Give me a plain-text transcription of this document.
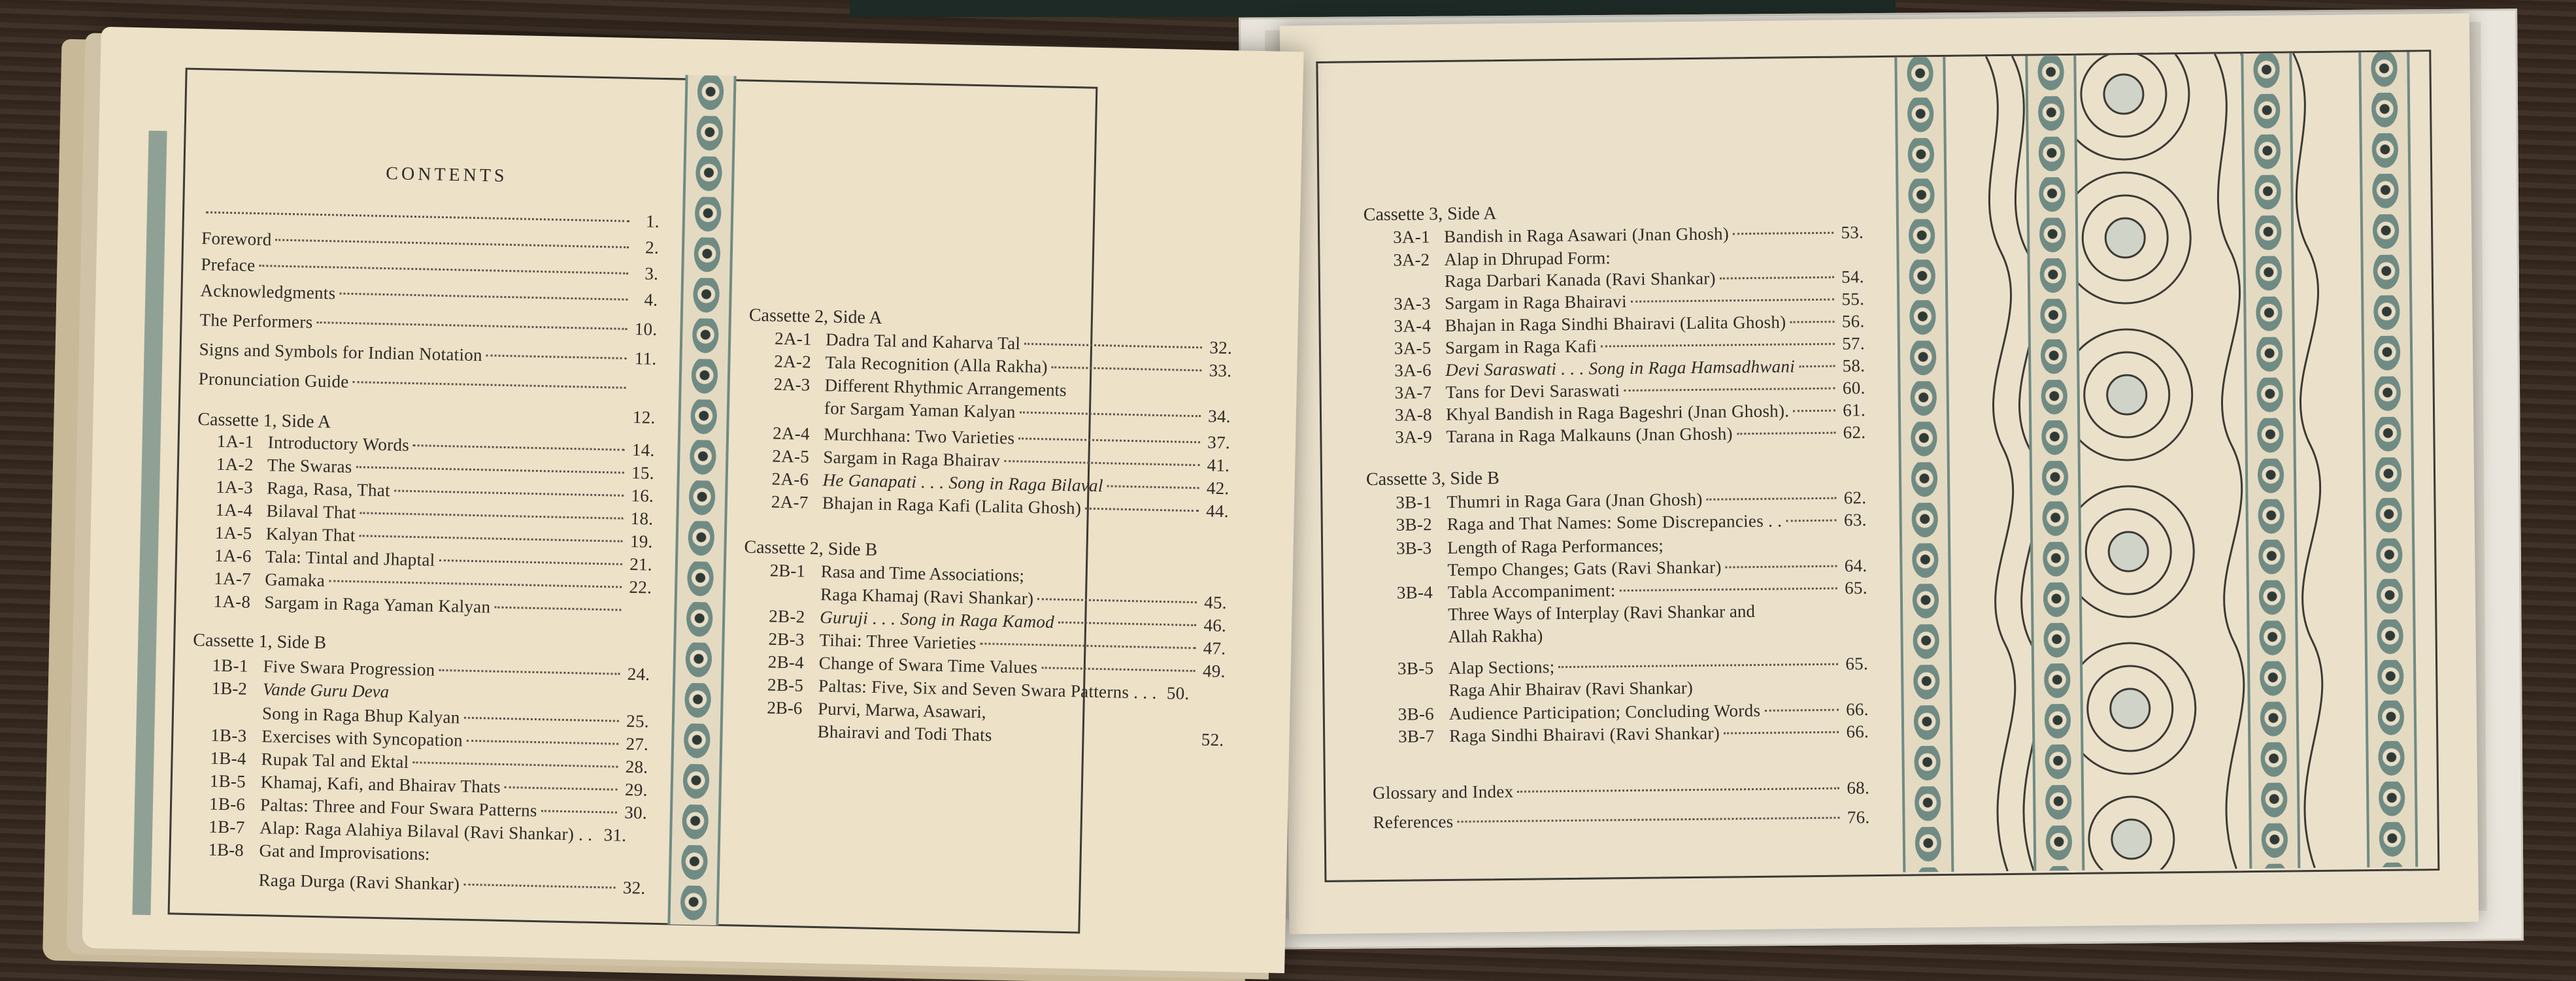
Cassette 3, Side A
3A-1 Bandish in Raga Asawari (Jnan Ghosh)	53.
3A-2 Alap in Dhrupad Form:
Raga Darbari Kanada (Ravi Shankar)	54.
3A-3 Sargam in Raga Bhairavi	55.
3A-4 Bhajan in Raga Sindhi Bhairavi (Lalita Ghosh)	56.
3A-5 Sargam in Raga Kafi	57.
3A-6 Devi Saraswati . . . Song in Raga Hamsadhwani	58.
3A-7 Tans for Devi Saraswati	60.
3A-8 Khyal Bandish in Raga Bageshri (Jnan Ghosh).	61.
3A-9 Tarana in Raga Malkauns (Jnan Ghosh)	62.
Cassette 3, Side B
3B-1 Thumri in Raga Gara (Jnan Ghosh)	62.
3B-2 Raga and That Names: Some Discrepancies . .	63.
3B-3 Length of Raga Performances;
Tempo Changes; Gats (Ravi Shankar)	64.
3B-4 Tabla Accompaniment:	65.
Three Ways of Interplay (Ravi Shankar and
Allah Rakha)
3B-5 Alap Sections;	65.
Raga Ahir Bhairav (Ravi Shankar)
3B-6 Audience Participation; Concluding Words	66.
3B-7 Raga Sindhi Bhairavi (Ravi Shankar)	66.
Glossary and Index	68.
References	76.
CONTENTS
1.
Foreword	2.
Preface	3.
Acknowledgments	4.
The Performers	10.
Signs and Symbols for Indian Notation	11.
Pronunciation Guide
Cassette 1, Side A	12.
1A-1 Introductory Words	14.
1A-2 The Swaras	15.
1A-3 Raga, Rasa, That	16.
1A-4 Bilaval That	18.
1A-5 Kalyan That	19.
1A-6 Tala: Tintal and Jhaptal	21.
1A-7 Gamaka	22.
1A-8 Sargam in Raga Yaman Kalyan
Cassette 1, Side B
1B-1 Five Swara Progression	24.
1B-2 Vande Guru Deva
Song in Raga Bhup Kalyan	25.
1B-3 Exercises with Syncopation	27.
1B-4 Rupak Tal and Ektal	28.
1B-5 Khamaj, Kafi, and Bhairav Thats	29.
1B-6 Paltas: Three and Four Swara Patterns	30.
1B-7 Alap: Raga Alahiya Bilaval (Ravi Shankar) . . 31.
1B-8 Gat and Improvisations:
Raga Durga (Ravi Shankar)	32.
Cassette 2, Side A
2A-1 Dadra Tal and Kaharva Tal	32.
2A-2 Tala Recognition (Alla Rakha)	33.
2A-3 Different Rhythmic Arrangements
for Sargam Yaman Kalyan	34.
2A-4 Murchhana: Two Varieties	37.
2A-5 Sargam in Raga Bhairav	41.
2A-6 He Ganapati . . . Song in Raga Bilaval	42.
2A-7 Bhajan in Raga Kafi (Lalita Ghosh)	44.
Cassette 2, Side B
2B-1 Rasa and Time Associations;
Raga Khamaj (Ravi Shankar)	45.
2B-2 Guruji . . . Song in Raga Kamod	46.
2B-3 Tihai: Three Varieties	47.
2B-4 Change of Swara Time Values	49.
2B-5 Paltas: Five, Six and Seven Swara Patterns . . . 50.
2B-6 Purvi, Marwa, Asawari,
Bhairavi and Todi Thats	52.
